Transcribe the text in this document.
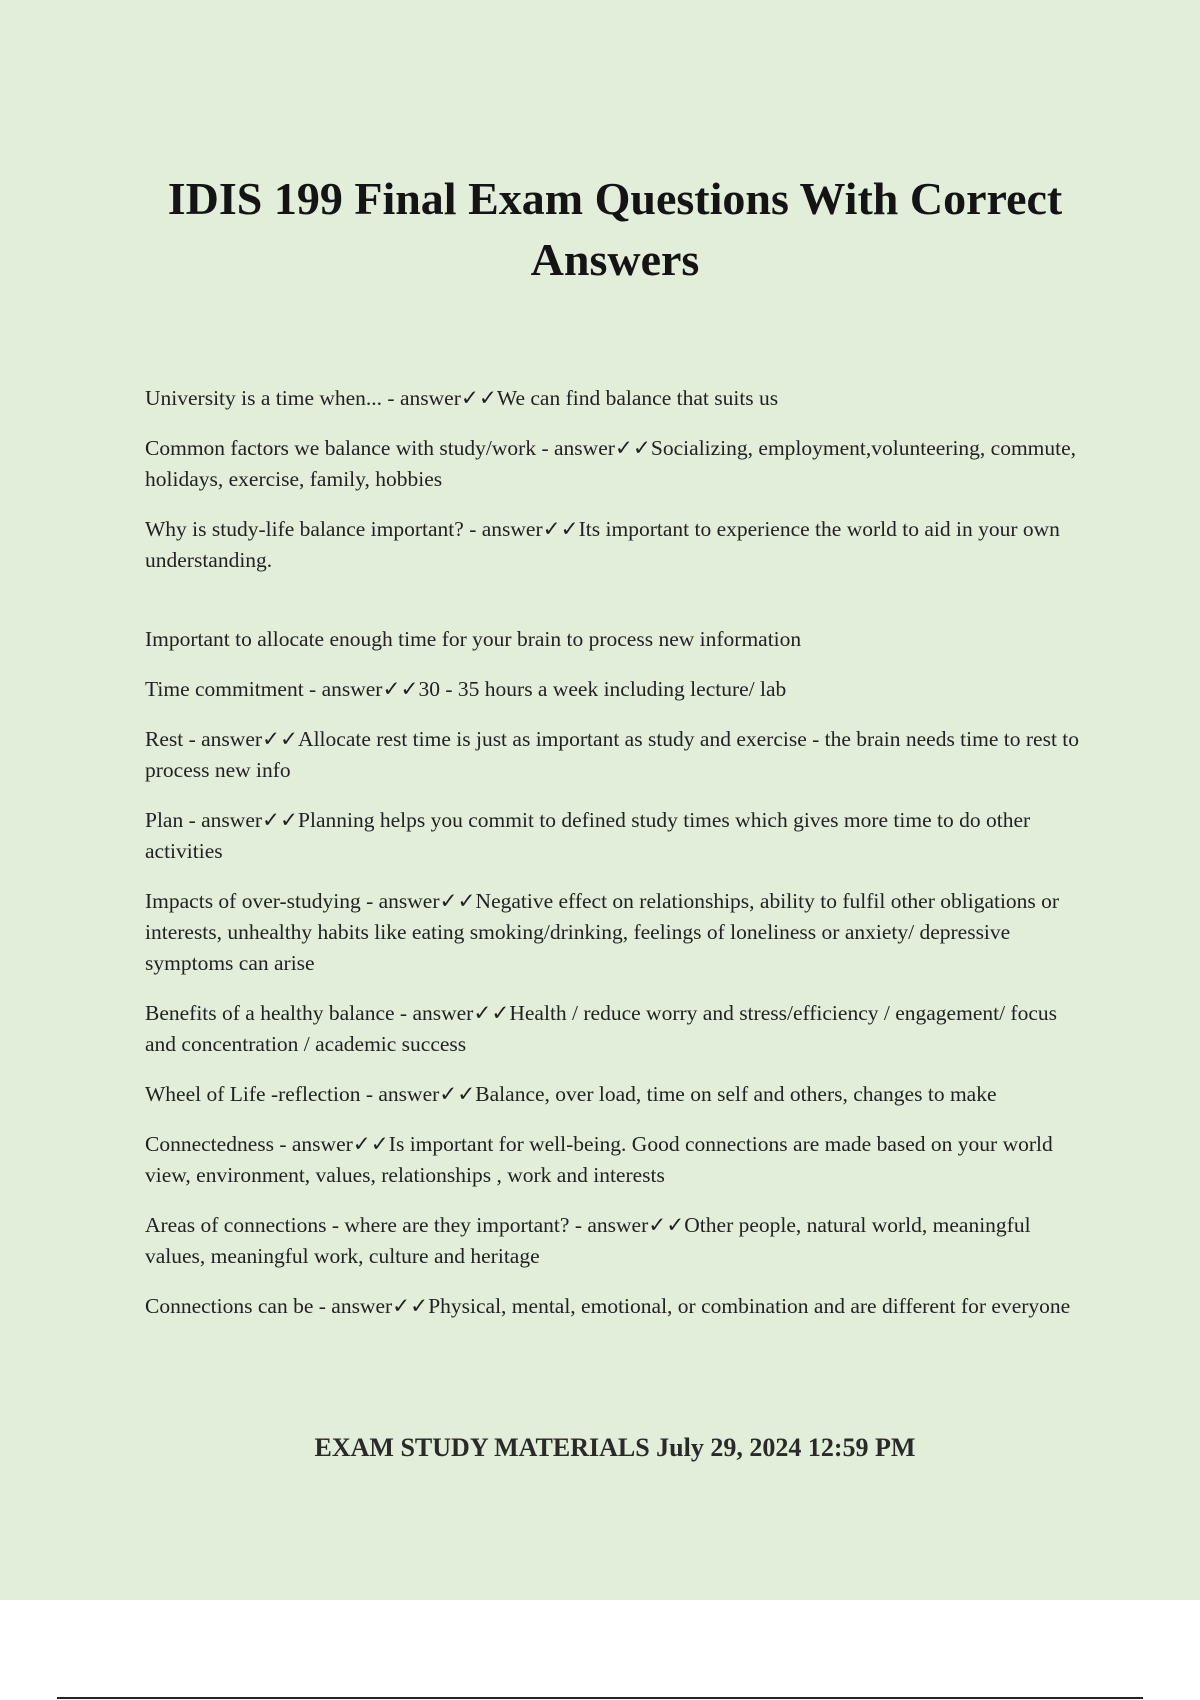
IDIS 199 Final Exam Questions With Correct Answers

University is a time when... - answer✓✓We can find balance that suits us

Common factors we balance with study/work - answer✓✓Socializing, employment,volunteering, commute, holidays, exercise, family, hobbies

Why is study-life balance important? - answer✓✓Its important to experience the world to aid in your own understanding.

Important to allocate enough time for your brain to process new information

Time commitment - answer✓✓30 - 35 hours a week including lecture/ lab

Rest - answer✓✓Allocate rest time is just as important as study and exercise - the brain needs time to rest to process new info

Plan - answer✓✓Planning helps you commit to defined study times which gives more time to do other activities

Impacts of over-studying - answer✓✓Negative effect on relationships, ability to fulfil other obligations or interests, unhealthy habits like eating smoking/drinking, feelings of loneliness or anxiety/ depressive symptoms can arise

Benefits of a healthy balance - answer✓✓Health / reduce worry and stress/efficiency / engagement/ focus and concentration / academic success

Wheel of Life -reflection - answer✓✓Balance, over load, time on self and others, changes to make

Connectedness - answer✓✓Is important for well-being. Good connections are made based on your world view, environment, values, relationships , work and interests

Areas of connections - where are they important? - answer✓✓Other people, natural world, meaningful values, meaningful work, culture and heritage

Connections can be - answer✓✓Physical, mental, emotional, or combination and are different for everyone

EXAM STUDY MATERIALS July 29, 2024 12:59 PM
